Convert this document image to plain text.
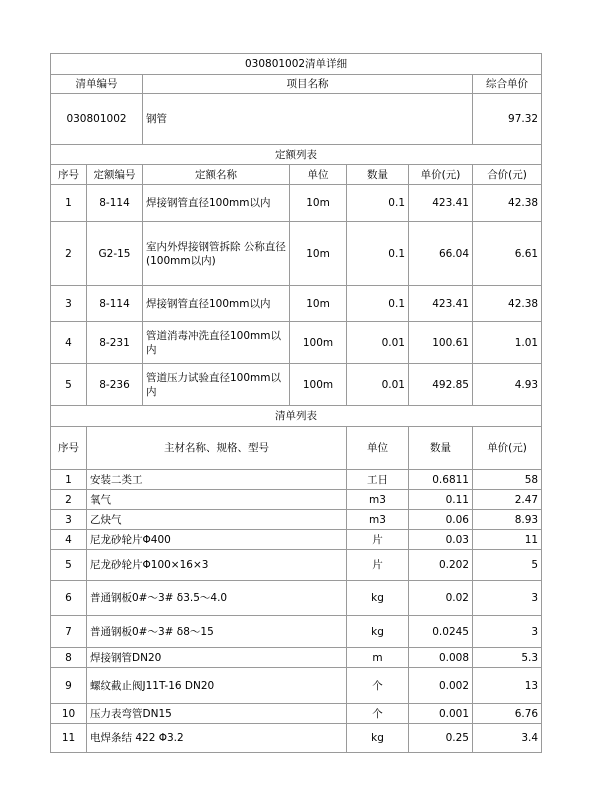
030801002清单详细							
清单编号		项目名称				综合单价	
030801002		钢管				97.32	
定额列表							
序号	定额编号	定额名称	单位	数量	单价(元)	合价(元)	
1	8-114	焊接钢管直径100mm以内	10m	0.1	423.41	42.38	
2	G2-15	室内外焊接钢管拆除 公称直径(100mm以内)	10m	0.1	66.04	6.61	
3	8-114	焊接钢管直径100mm以内	10m	0.1	423.41	42.38	
4	8-231	管道消毒冲洗直径100mm以内	100m	0.01	100.61	1.01	
5	8-236	管道压力试验直径100mm以内	100m	0.01	492.85	4.93	
清单列表							
序号	主材名称、规格、型号			单位	数量	单价(元)	
1	安装二类工			工日	0.6811	58	
2	氧气			m3	0.11	2.47	
3	乙炔气			m3	0.06	8.93	
4	尼龙砂轮片Φ400			片	0.03	11	
5	尼龙砂轮片Φ100×16×3			片	0.202	5	
6	普通钢板0#～3# δ3.5～4.0			kg	0.02	3	
7	普通钢板0#～3# δ8～15			kg	0.0245	3	
8	焊接钢管DN20			m	0.008	5.3	
9	螺纹截止阀J11T-16 DN20			个	0.002	13	
10	压力表弯管DN15			个	0.001	6.76	
11	电焊条结 422 Φ3.2			kg	0.25	3.4	
